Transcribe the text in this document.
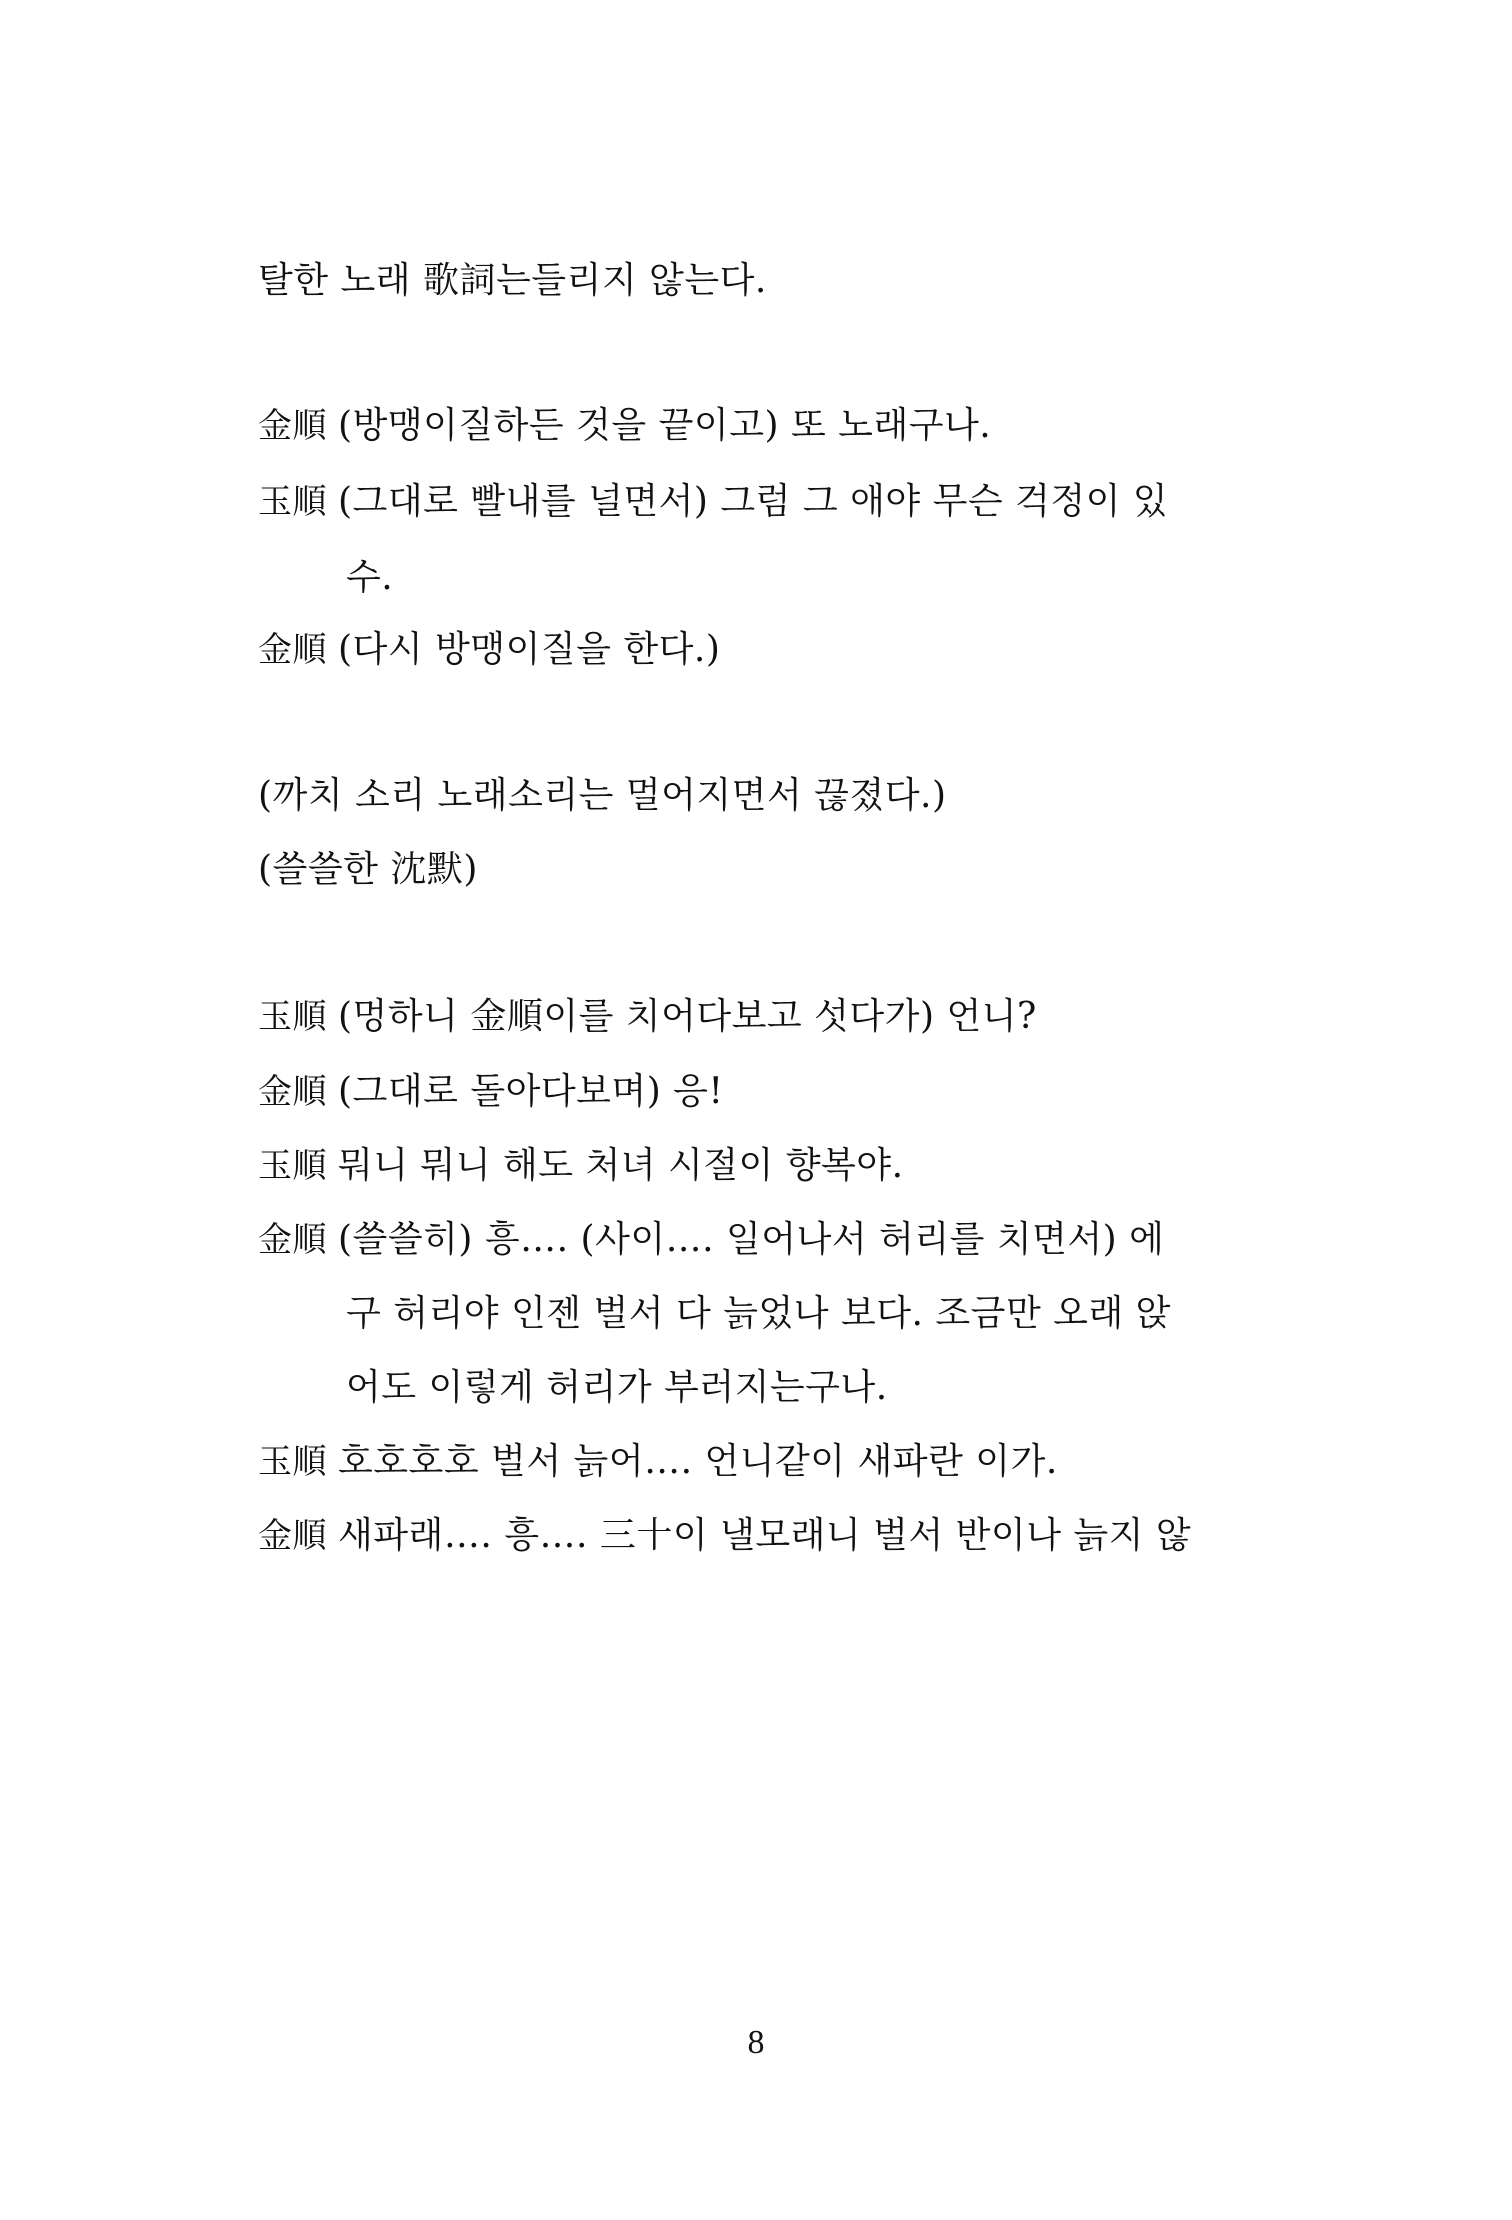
탈한 노래 歌詞는들리지 않는다.
金順 (방맹이질하든 것을 끝이고) 또 노래구나.
玉順 (그대로 빨내를 널면서) 그럼 그 애야 무슨 걱정이 있
수.
金順 (다시 방맹이질을 한다.)
(까치 소리 노래소리는 멀어지면서 끊졌다.)
(쓸쓸한 沈默)
玉順 (멍하니 金順이를 치어다보고 섯다가) 언니?
金順 (그대로 돌아다보며) 응!
玉順 뭐니 뭐니 해도 처녀 시절이 향복야.
金順 (쓸쓸히) 흥…. (사이…. 일어나서 허리를 치면서) 에
구 허리야 인젠 벌서 다 늙었나 보다. 조금만 오래 앉
어도 이렇게 허리가 부러지는구나.
玉順 호호호호 벌서 늙어…. 언니같이 새파란 이가.
金順 새파래…. 흥…. 三十이 낼모래니 벌서 반이나 늙지 않
8
